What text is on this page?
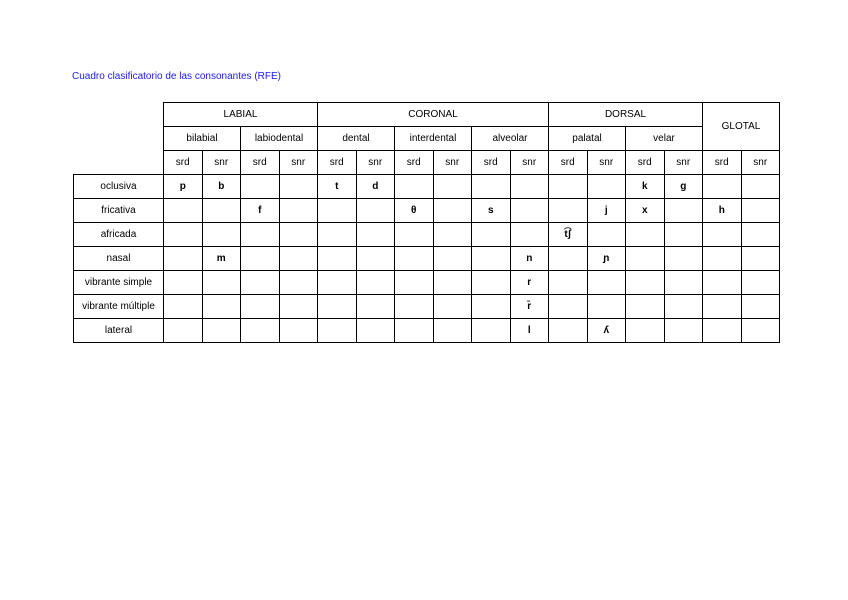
Cuadro clasificatorio de las consonantes (RFE)
	LABIAL				CORONAL						DORSAL				GLOTAL	
	bilabial		labiodental		dental		interdental		alveolar		palatal		velar			
	srd	snr	srd	snr	srd	snr	srd	snr	srd	snr	srd	snr	srd	snr	srd	snr
oclusiva	p	b			t	d							k	g		
fricativa			f				θ		s			j	x		h	
africada											t͡ʃ					
nasal		m								n		ɲ				
vibrante simple										r						
vibrante múltiple										r̄						
lateral										l		ʎ				
